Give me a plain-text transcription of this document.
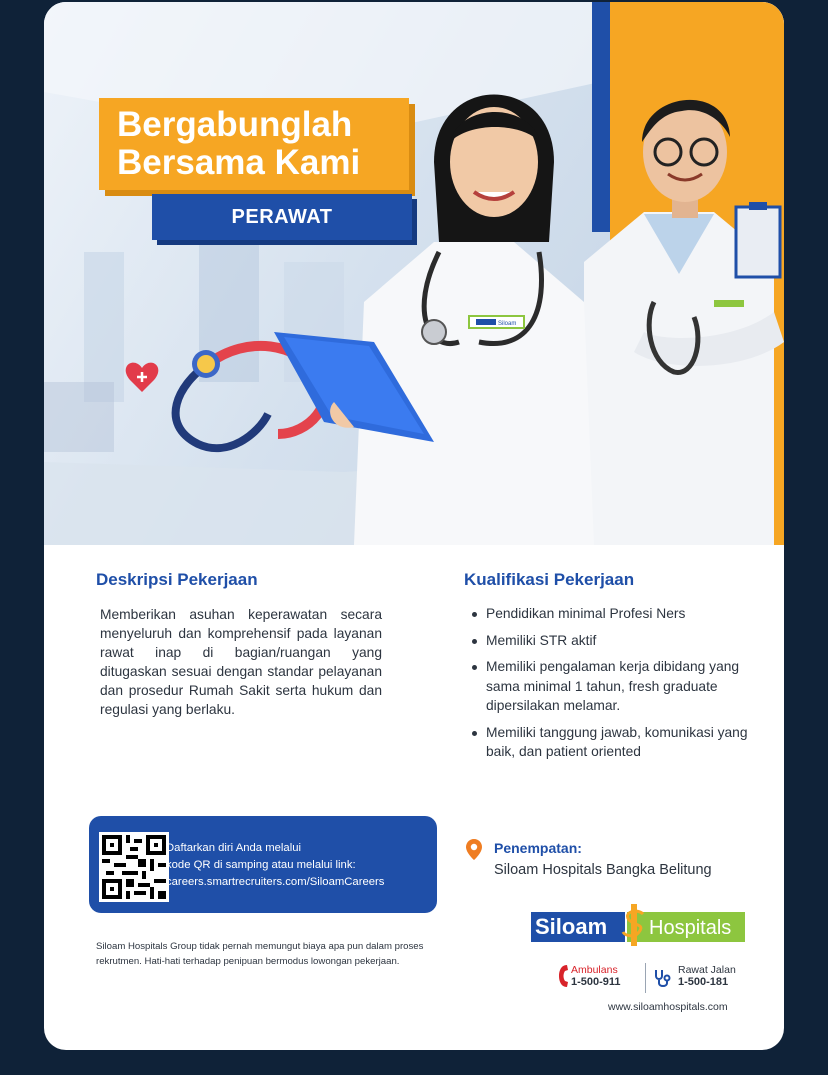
Bergabunglah
Bersama Kami
PERAWAT
Siloam
Deskripsi Pekerjaan
Memberikan asuhan keperawatan secara menyeluruh dan komprehensif pada layanan rawat inap di bagian/ruangan yang ditugaskan sesuai dengan standar pelayanan dan prosedur Rumah Sakit serta hukum dan regulasi yang berlaku.
Kualifikasi Pekerjaan
Pendidikan minimal Profesi Ners
Memiliki STR aktif
Memiliki pengalaman kerja dibidang yang sama minimal 1 tahun, fresh graduate dipersilakan melamar.
Memiliki tanggung jawab, komunikasi yang baik, dan patient oriented
Daftarkan diri Anda melalui
kode QR di samping atau melalui link:
careers.smartrecruiters.com/SiloamCareers
Siloam Hospitals Group tidak pernah memungut biaya apa pun dalam proses rekrutmen. Hati-hati terhadap penipuan bermodus lowongan pekerjaan.
Penempatan:
Siloam Hospitals Bangka Belitung
Siloam Hospitals
Ambulans
1-500-911
Rawat Jalan
1-500-181
www.siloamhospitals.com
